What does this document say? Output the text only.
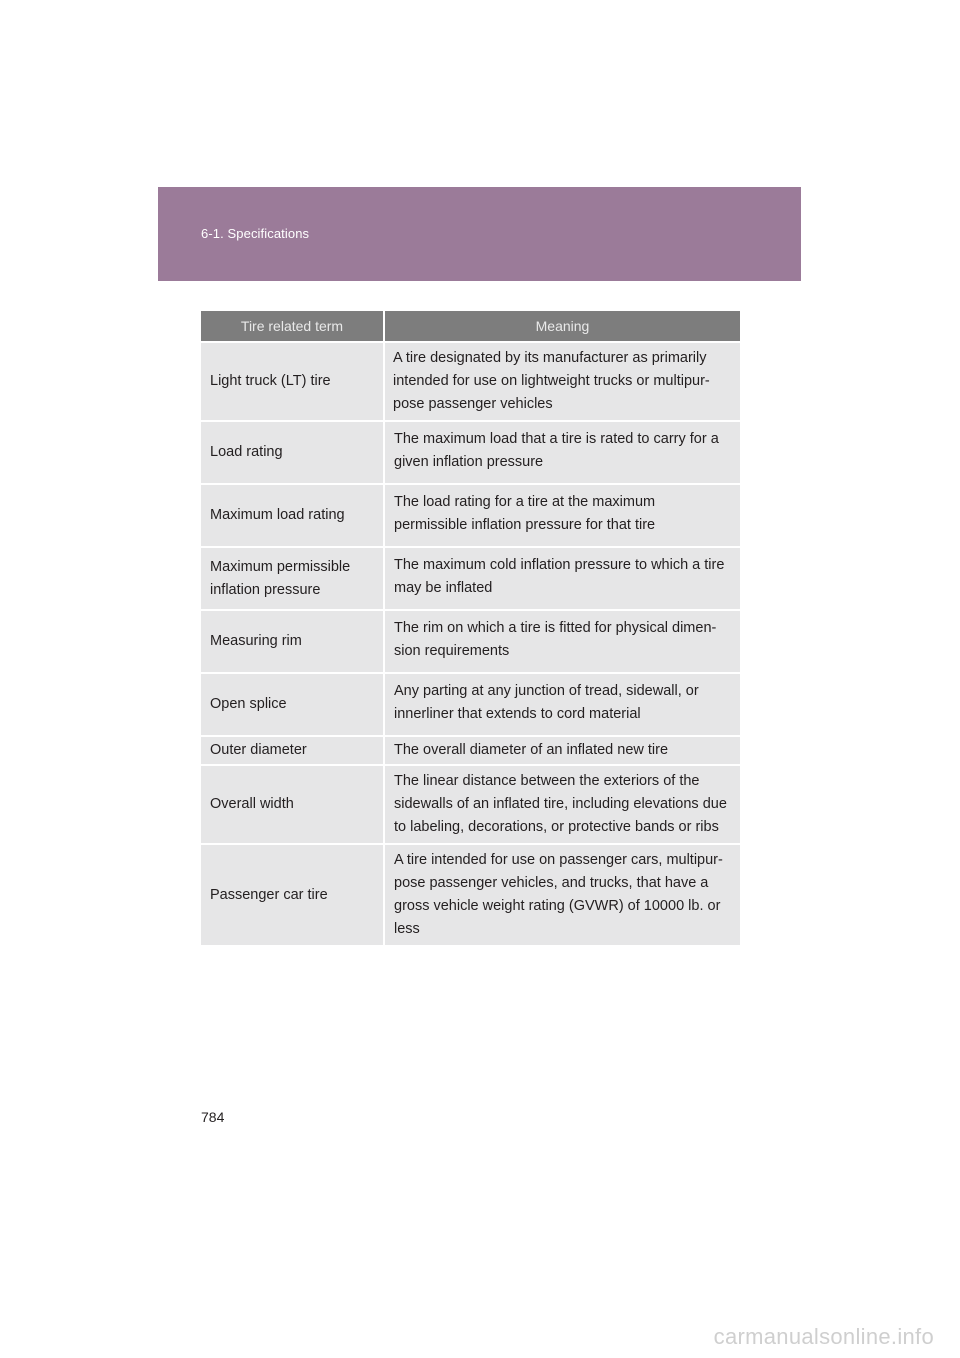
6-1. Specifications
Tire related term	Meaning
Light truck (LT) tire	A tire designated by its manufacturer as primarily intended for use on lightweight trucks or multipur- pose passenger vehicles
Load rating	The maximum load that a tire is rated to carry for a given inflation pressure
Maximum load rating	The load rating for a tire at the maximum permissible inflation pressure for that tire
Maximum permissible inflation pressure	The maximum cold inflation pressure to which a tire may be inflated
Measuring rim	The rim on which a tire is fitted for physical dimen- sion requirements
Open splice	Any parting at any junction of tread, sidewall, or innerliner that extends to cord material
Outer diameter	The overall diameter of an inflated new tire
Overall width	The linear distance between the exteriors of the sidewalls of an inflated tire, including elevations due to labeling, decorations, or protective bands or ribs
Passenger car tire	A tire intended for use on passenger cars, multipur- pose passenger vehicles, and trucks, that have a gross vehicle weight rating (GVWR) of 10000 lb. or less
784
carmanualsonline.info
